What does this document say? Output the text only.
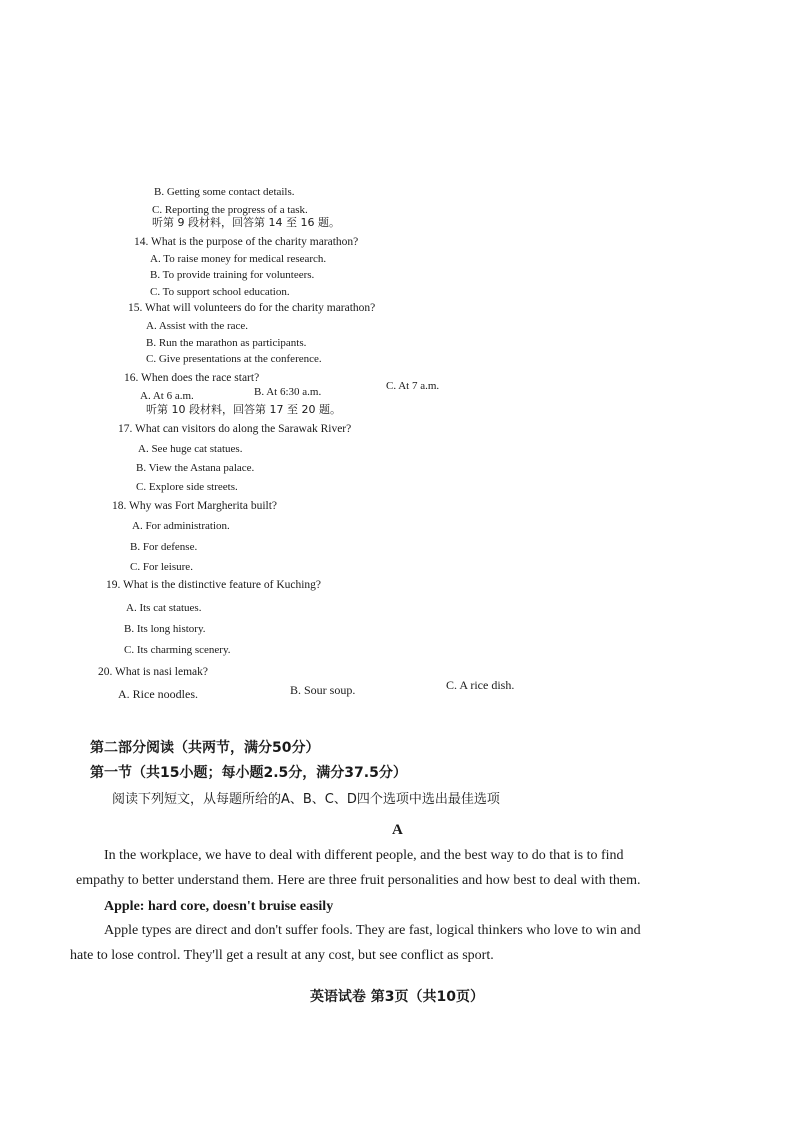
B. Getting some contact details.
C. Reporting the progress of a task.
听第 9 段材料，回答第 14 至 16 题。
14. What is the purpose of the charity marathon?
A. To raise money for medical research.
B. To provide training for volunteers.
C. To support school education.
15. What will volunteers do for the charity marathon?
A. Assist with the race.
B. Run the marathon as participants.
C. Give presentations at the conference.
16. When does the race start?
A. At 6 a.m.	B. At 6:30 a.m.	C. At 7 a.m.
听第 10 段材料，回答第 17 至 20 题。
17. What can visitors do along the Sarawak River?
A. See huge cat statues.
B. View the Astana palace.
C. Explore side streets.
18. Why was Fort Margherita built?
A. For administration.
B. For defense.
C. For leisure.
19. What is the distinctive feature of Kuching?
A. Its cat statues.
B. Its long history.
C. Its charming scenery.
20. What is nasi lemak?
A. Rice noodles.	B. Sour soup.	C. A rice dish.
第二部分阅读（共两节，满分50分）
第一节（共15小题；每小题2.5分，满分37.5分）
阅读下列短文，从每题所给的A、B、C、D四个选项中选出最佳选项
A
In the workplace, we have to deal with different people, and the best way to do that is to find
empathy to better understand them. Here are three fruit personalities and how best to deal with them.
Apple: hard core, doesn't bruise easily
Apple types are direct and don't suffer fools. They are fast, logical thinkers who love to win and
hate to lose control. They'll get a result at any cost, but see conflict as sport.
英语试卷 第3页（共10页）
